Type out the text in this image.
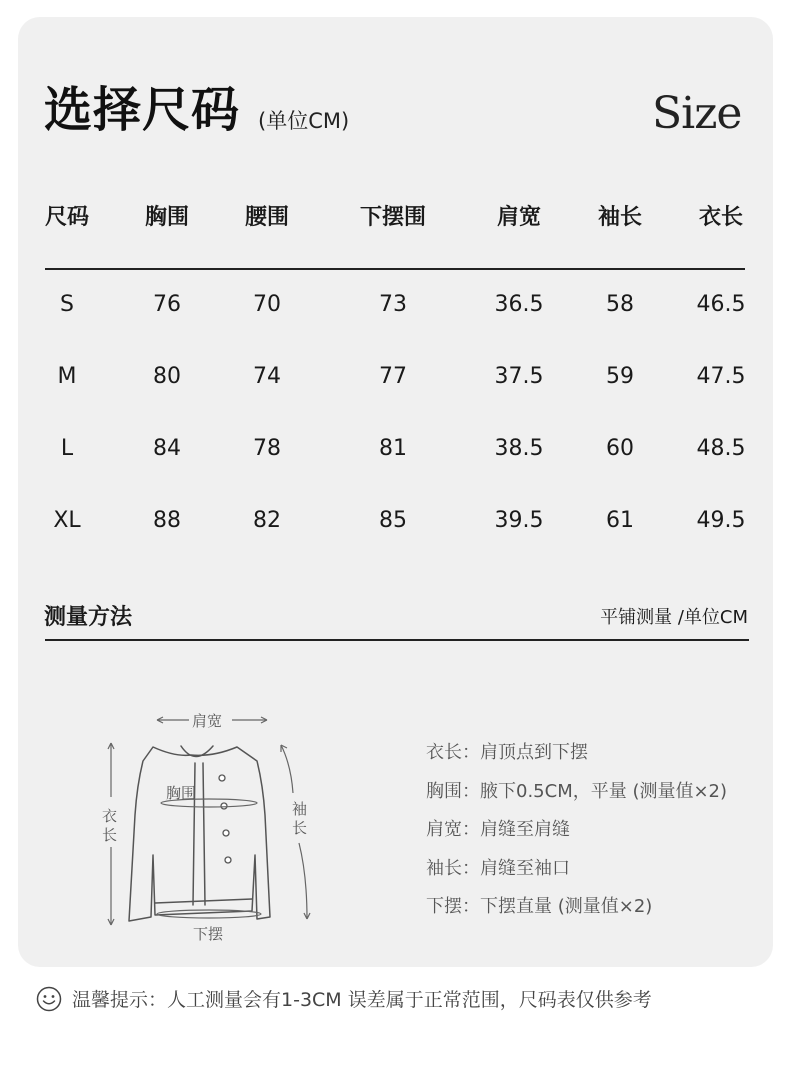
选择尺码 (单位CM)	Size
尺码	胸围	腰围	下摆围	肩宽	袖长	衣长
S	76	70	73	36.5	58	46.5
M	80	74	77	37.5	59	47.5
L	84	78	81	38.5	60	48.5
XL	88	82	85	39.5	61	49.5
测量方法	平铺测量 /单位CM
肩宽
胸围
袖长
衣长
下摆
衣长：肩顶点到下摆
胸围：腋下0.5CM，平量 (测量值×2)
肩宽：肩缝至肩缝
袖长：肩缝至袖口
下摆：下摆直量 (测量值×2)
温馨提示：人工测量会有1-3CM 误差属于正常范围，尺码表仅供参考
